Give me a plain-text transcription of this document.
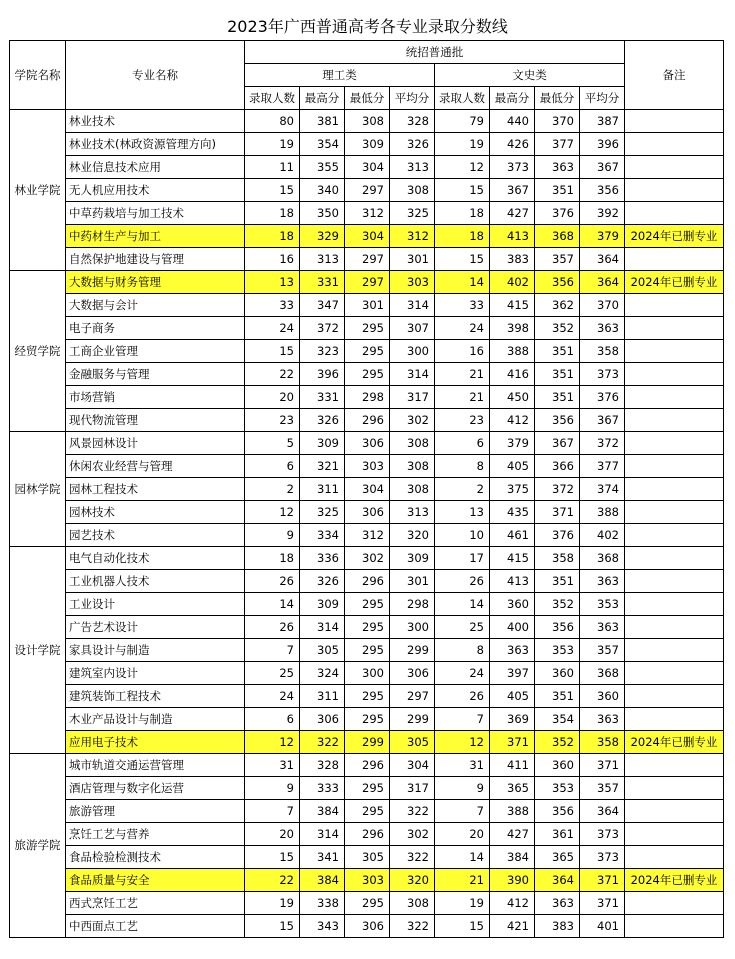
2023年广西普通高考各专业录取分数线
学院名称	专业名称	统招普通批								备注
		理工类				文史类				
		录取人数	最高分	最低分	平均分	录取人数	最高分	最低分	平均分	
林业学院	林业技术	80	381	308	328	79	440	370	387	
	林业技术(林政资源管理方向)	19	354	309	326	19	426	377	396	
	林业信息技术应用	11	355	304	313	12	373	363	367	
	无人机应用技术	15	340	297	308	15	367	351	356	
	中草药栽培与加工技术	18	350	312	325	18	427	376	392	
	中药材生产与加工	18	329	304	312	18	413	368	379	2024年已删专业
	自然保护地建设与管理	16	313	297	301	15	383	357	364	
经贸学院	大数据与财务管理	13	331	297	303	14	402	356	364	2024年已删专业
	大数据与会计	33	347	301	314	33	415	362	370	
	电子商务	24	372	295	307	24	398	352	363	
	工商企业管理	15	323	295	300	16	388	351	358	
	金融服务与管理	22	396	295	314	21	416	351	373	
	市场营销	20	331	298	317	21	450	351	376	
	现代物流管理	23	326	296	302	23	412	356	367	
园林学院	风景园林设计	5	309	306	308	6	379	367	372	
	休闲农业经营与管理	6	321	303	308	8	405	366	377	
	园林工程技术	2	311	304	308	2	375	372	374	
	园林技术	12	325	306	313	13	435	371	388	
	园艺技术	9	334	312	320	10	461	376	402	
设计学院	电气自动化技术	18	336	302	309	17	415	358	368	
	工业机器人技术	26	326	296	301	26	413	351	363	
	工业设计	14	309	295	298	14	360	352	353	
	广告艺术设计	26	314	295	300	25	400	356	363	
	家具设计与制造	7	305	295	299	8	363	353	357	
	建筑室内设计	25	324	300	306	24	397	360	368	
	建筑装饰工程技术	24	311	295	297	26	405	351	360	
	木业产品设计与制造	6	306	295	299	7	369	354	363	
	应用电子技术	12	322	299	305	12	371	352	358	2024年已删专业
旅游学院	城市轨道交通运营管理	31	328	296	304	31	411	360	371	
	酒店管理与数字化运营	9	333	295	317	9	365	353	357	
	旅游管理	7	384	295	322	7	388	356	364	
	烹饪工艺与营养	20	314	296	302	20	427	361	373	
	食品检验检测技术	15	341	305	322	14	384	365	373	
	食品质量与安全	22	384	303	320	21	390	364	371	2024年已删专业
	西式烹饪工艺	19	338	295	308	19	412	363	371	
	中西面点工艺	15	343	306	322	15	421	383	401	
